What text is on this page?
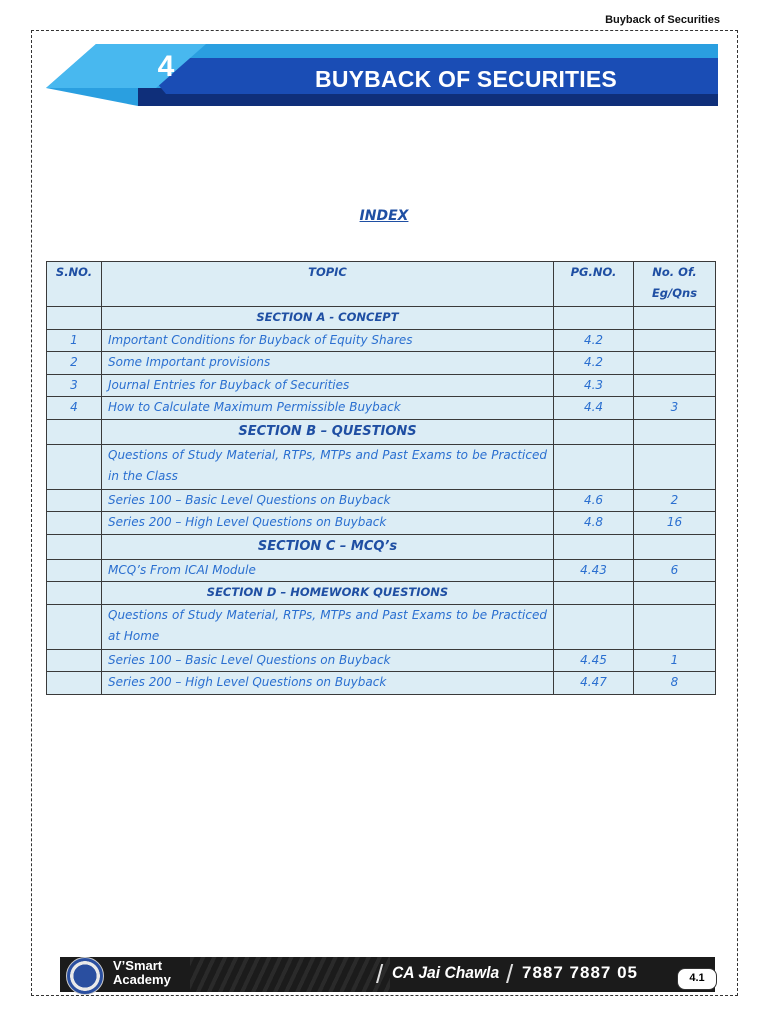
Buyback of Securities
4	BUYBACK OF SECURITIES
INDEX
S.NO.	TOPIC	PG.NO.	No. Of. Eg/Qns
	SECTION A - CONCEPT		
1	Important Conditions for Buyback of Equity Shares	4.2	
2	Some Important provisions	4.2	
3	Journal Entries for Buyback of Securities	4.3	
4	How to Calculate Maximum Permissible Buyback	4.4	3
	SECTION B – QUESTIONS		
	Questions of Study Material, RTPs, MTPs and Past Exams to be Practiced in the Class		
	Series 100 – Basic Level Questions on Buyback	4.6	2
	Series 200 – High Level Questions on Buyback	4.8	16
	SECTION C – MCQ’s		
	MCQ’s From ICAI Module	4.43	6
	SECTION D – HOMEWORK QUESTIONS		
	Questions of Study Material, RTPs, MTPs and Past Exams to be Practiced at Home		
	Series 100 – Basic Level Questions on Buyback	4.45	1
	Series 200 – High Level Questions on Buyback	4.47	8
V’Smart
Academy	/ CA Jai Chawla / 7887 7887 05	4.1
